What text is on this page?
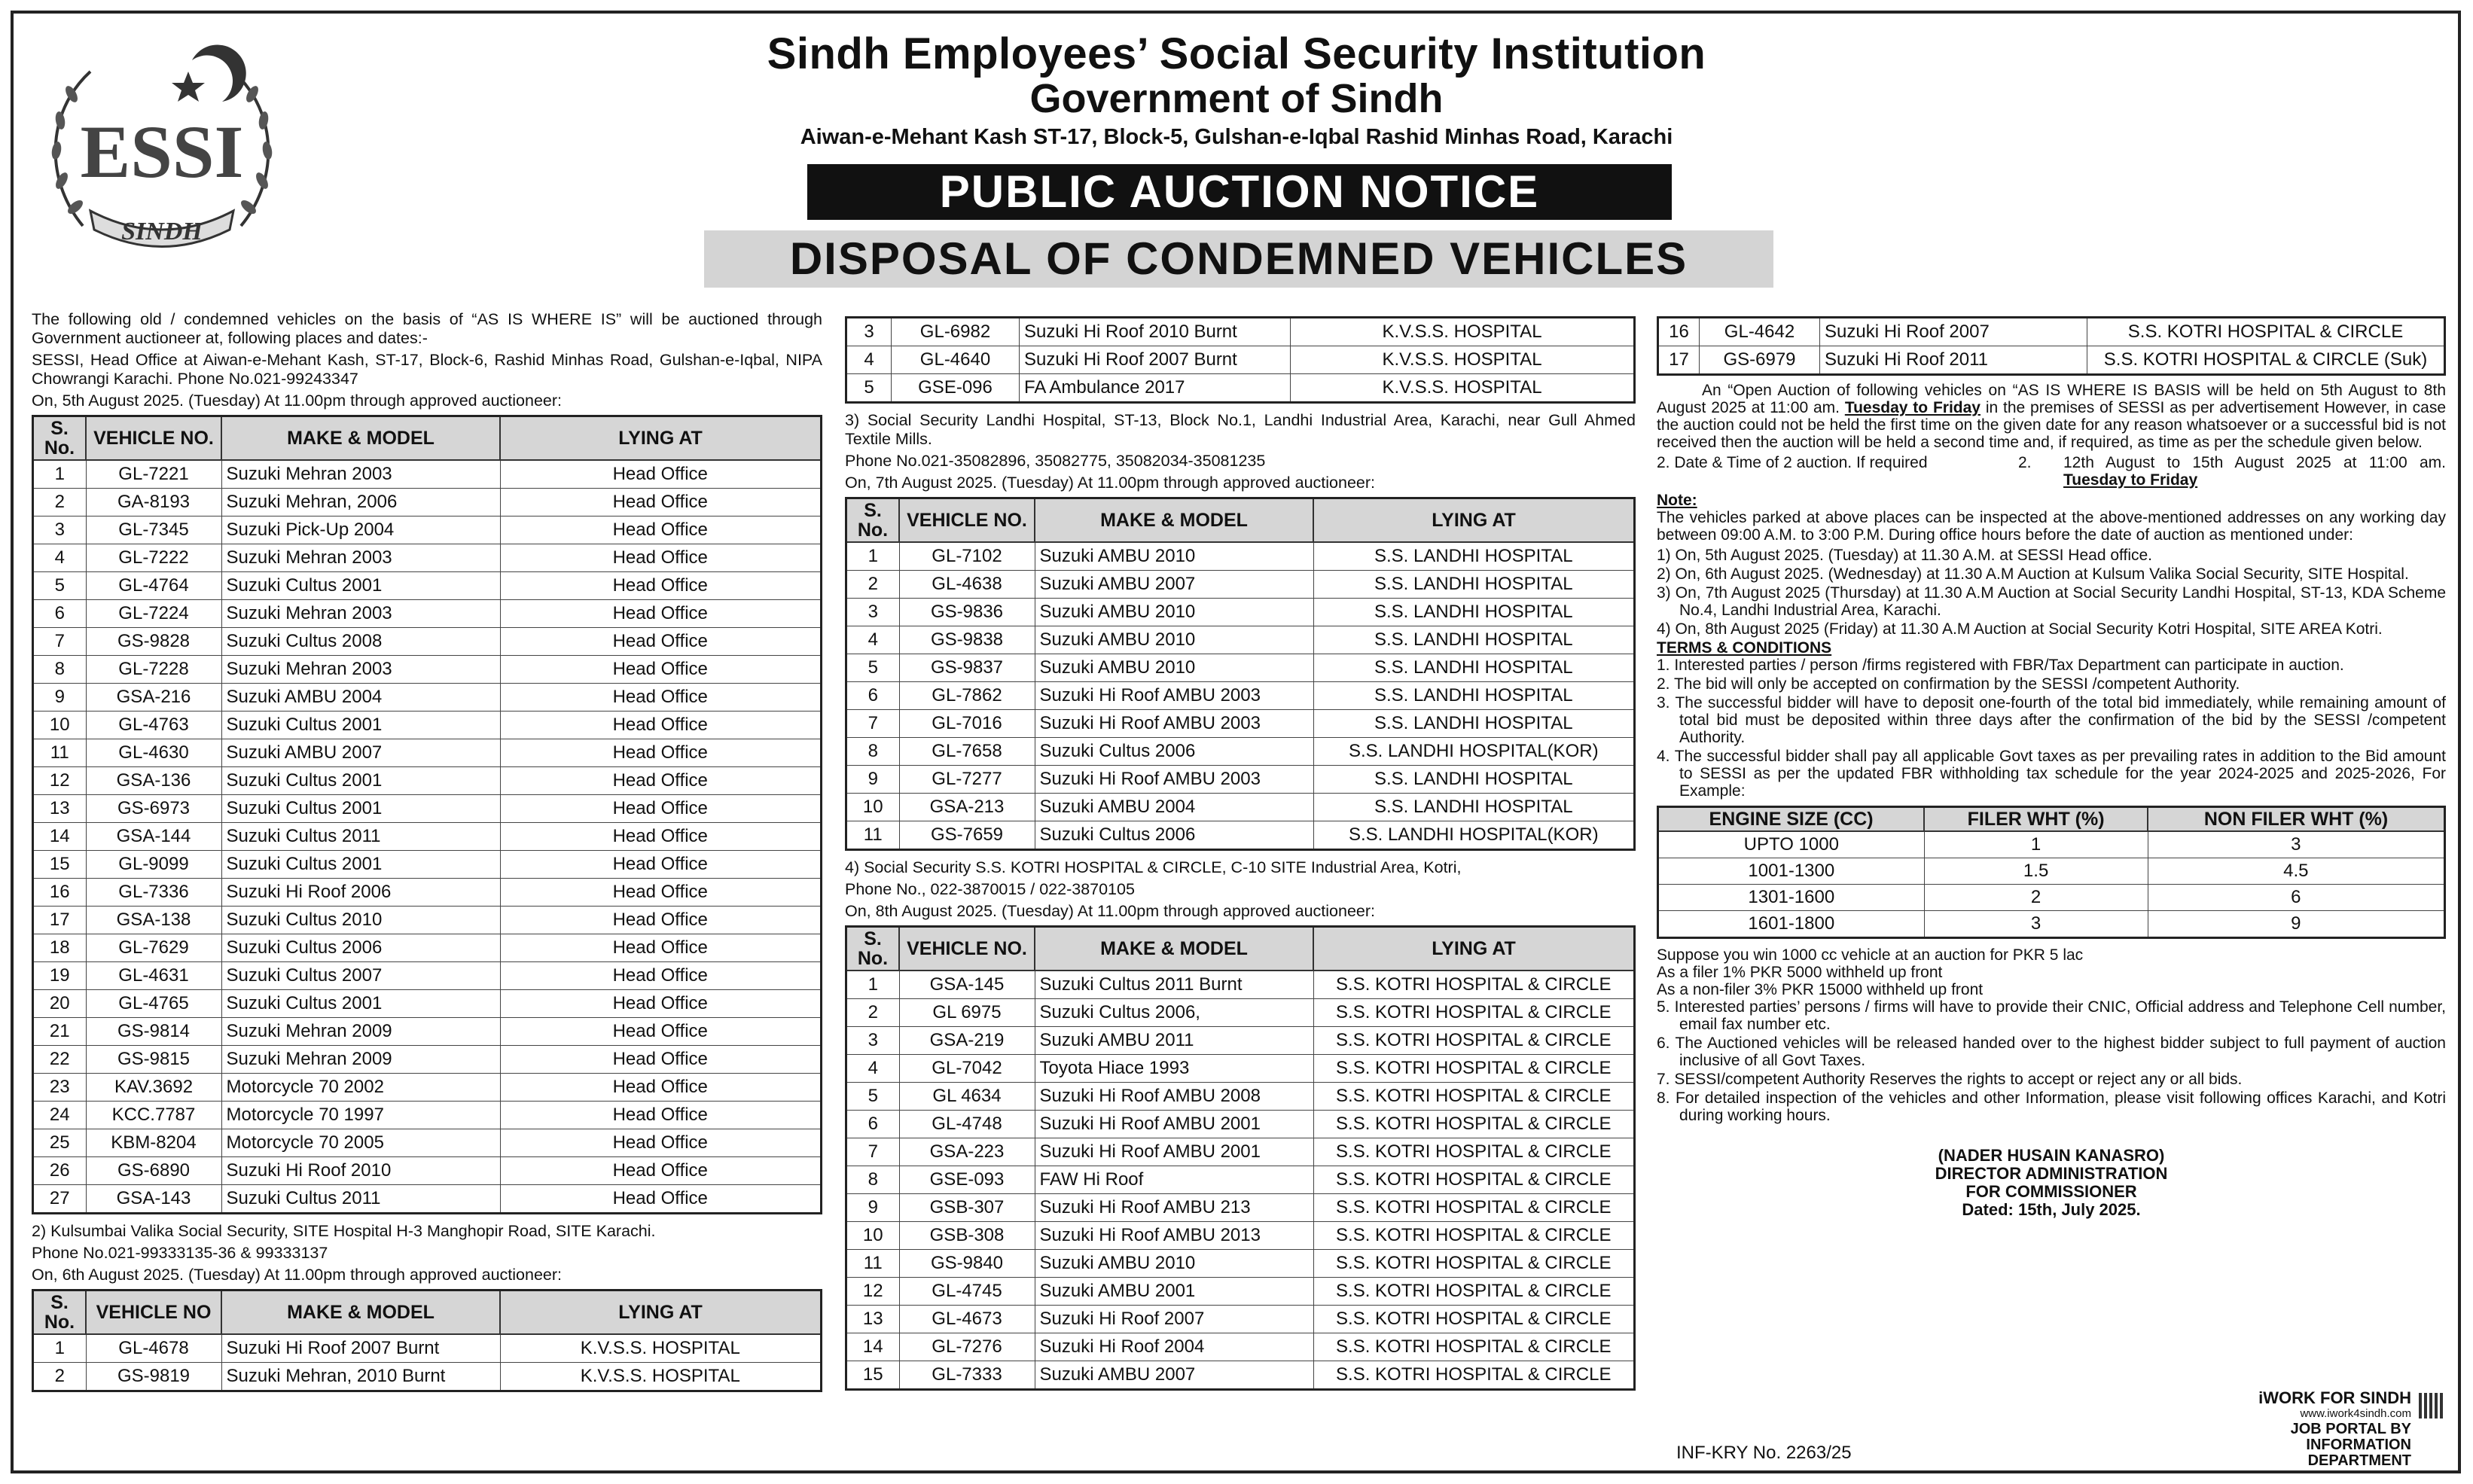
ESSI
SINDH
Sindh Employees’ Social Security Institution
Government of Sindh
Aiwan-e-Mehant Kash ST-17, Block-5, Gulshan-e-Iqbal Rashid Minhas Road, Karachi
PUBLIC AUCTION NOTICE
DISPOSAL OF CONDEMNED VEHICLES

The following old / condemned vehicles on the basis of “AS IS WHERE IS” will be auctioned through Government auctioneer at, following places and dates:-

SESSI, Head Office at Aiwan-e-Mehant Kash, ST-17, Block-6, Rashid Minhas Road, Gulshan-e-Iqbal, NIPA Chowrangi Karachi. Phone No.021-99243347

On, 5th August 2025. (Tuesday) At 11.00pm through approved auctioneer:

S. No.	VEHICLE NO.	MAKE & MODEL	LYING AT
1	GL-7221	Suzuki Mehran 2003	Head Office
2	GA-8193	Suzuki Mehran, 2006	Head Office
3	GL-7345	Suzuki Pick-Up 2004	Head Office
4	GL-7222	Suzuki Mehran 2003	Head Office
5	GL-4764	Suzuki Cultus 2001	Head Office
6	GL-7224	Suzuki Mehran 2003	Head Office
7	GS-9828	Suzuki Cultus 2008	Head Office
8	GL-7228	Suzuki Mehran 2003	Head Office
9	GSA-216	Suzuki AMBU 2004	Head Office
10	GL-4763	Suzuki Cultus 2001	Head Office
11	GL-4630	Suzuki AMBU 2007	Head Office
12	GSA-136	Suzuki Cultus 2001	Head Office
13	GS-6973	Suzuki Cultus 2001	Head Office
14	GSA-144	Suzuki Cultus 2011	Head Office
15	GL-9099	Suzuki Cultus 2001	Head Office
16	GL-7336	Suzuki Hi Roof 2006	Head Office
17	GSA-138	Suzuki Cultus 2010	Head Office
18	GL-7629	Suzuki Cultus 2006	Head Office
19	GL-4631	Suzuki Cultus 2007	Head Office
20	GL-4765	Suzuki Cultus 2001	Head Office
21	GS-9814	Suzuki Mehran 2009	Head Office
22	GS-9815	Suzuki Mehran 2009	Head Office
23	KAV.3692	Motorcycle 70 2002	Head Office
24	KCC.7787	Motorcycle 70 1997	Head Office
25	KBM-8204	Motorcycle 70 2005	Head Office
26	GS-6890	Suzuki Hi Roof 2010	Head Office
27	GSA-143	Suzuki Cultus 2011	Head Office

2) Kulsumbai Valika Social Security, SITE Hospital H-3 Manghopir Road, SITE Karachi.

Phone No.021-99333135-36 & 99333137

On, 6th August 2025. (Tuesday) At 11.00pm through approved auctioneer:

S. No.	VEHICLE NO	MAKE & MODEL	LYING AT
1	GL-4678	Suzuki Hi Roof 2007 Burnt	K.V.S.S. HOSPITAL
2	GS-9819	Suzuki Mehran, 2010 Burnt	K.V.S.S. HOSPITAL
3	GL-6982	Suzuki Hi Roof 2010 Burnt	K.V.S.S. HOSPITAL
4	GL-4640	Suzuki Hi Roof 2007 Burnt	K.V.S.S. HOSPITAL
5	GSE-096	FA Ambulance 2017	K.V.S.S. HOSPITAL

3) Social Security Landhi Hospital, ST-13, Block No.1, Landhi Industrial Area, Karachi, near Gull Ahmed Textile Mills.

Phone No.021-35082896, 35082775, 35082034-35081235

On, 7th August 2025. (Tuesday) At 11.00pm through approved auctioneer:

S. No.	VEHICLE NO.	MAKE & MODEL	LYING AT
1	GL-7102	Suzuki AMBU 2010	S.S. LANDHI HOSPITAL
2	GL-4638	Suzuki AMBU 2007	S.S. LANDHI HOSPITAL
3	GS-9836	Suzuki AMBU 2010	S.S. LANDHI HOSPITAL
4	GS-9838	Suzuki AMBU 2010	S.S. LANDHI HOSPITAL
5	GS-9837	Suzuki AMBU 2010	S.S. LANDHI HOSPITAL
6	GL-7862	Suzuki Hi Roof AMBU 2003	S.S. LANDHI HOSPITAL
7	GL-7016	Suzuki Hi Roof AMBU 2003	S.S. LANDHI HOSPITAL
8	GL-7658	Suzuki Cultus 2006	S.S. LANDHI HOSPITAL(KOR)
9	GL-7277	Suzuki Hi Roof AMBU 2003	S.S. LANDHI HOSPITAL
10	GSA-213	Suzuki AMBU 2004	S.S. LANDHI HOSPITAL
11	GS-7659	Suzuki Cultus 2006	S.S. LANDHI HOSPITAL(KOR)

4) Social Security S.S. KOTRI HOSPITAL & CIRCLE, C-10 SITE Industrial Area, Kotri,

Phone No., 022-3870015 / 022-3870105

On, 8th August 2025. (Tuesday) At 11.00pm through approved auctioneer:

S. No.	VEHICLE NO.	MAKE & MODEL	LYING AT
1	GSA-145	Suzuki Cultus 2011 Burnt	S.S. KOTRI HOSPITAL & CIRCLE
2	GL 6975	Suzuki Cultus 2006,	S.S. KOTRI HOSPITAL & CIRCLE
3	GSA-219	Suzuki AMBU 2011	S.S. KOTRI HOSPITAL & CIRCLE
4	GL-7042	Toyota Hiace 1993	S.S. KOTRI HOSPITAL & CIRCLE
5	GL 4634	Suzuki Hi Roof AMBU 2008	S.S. KOTRI HOSPITAL & CIRCLE
6	GL-4748	Suzuki Hi Roof AMBU 2001	S.S. KOTRI HOSPITAL & CIRCLE
7	GSA-223	Suzuki Hi Roof AMBU 2001	S.S. KOTRI HOSPITAL & CIRCLE
8	GSE-093	FAW Hi Roof	S.S. KOTRI HOSPITAL & CIRCLE
9	GSB-307	Suzuki Hi Roof AMBU 213	S.S. KOTRI HOSPITAL & CIRCLE
10	GSB-308	Suzuki Hi Roof AMBU 2013	S.S. KOTRI HOSPITAL & CIRCLE
11	GS-9840	Suzuki AMBU 2010	S.S. KOTRI HOSPITAL & CIRCLE
12	GL-4745	Suzuki AMBU 2001	S.S. KOTRI HOSPITAL & CIRCLE
13	GL-4673	Suzuki Hi Roof 2007	S.S. KOTRI HOSPITAL & CIRCLE
14	GL-7276	Suzuki Hi Roof 2004	S.S. KOTRI HOSPITAL & CIRCLE
15	GL-7333	Suzuki AMBU 2007	S.S. KOTRI HOSPITAL & CIRCLE
16	GL-4642	Suzuki Hi Roof 2007	S.S. KOTRI HOSPITAL & CIRCLE
17	GS-6979	Suzuki Hi Roof 2011	S.S. KOTRI HOSPITAL & CIRCLE (Suk)

An “Open Auction of following vehicles on “AS IS WHERE IS BASIS will be held on 5th August to 8th August 2025 at 11:00 am. Tuesday to Friday in the premises of SESSI as per advertisement However, in case the auction could not be held the first time on the given date for any reason whatsoever or a successful bid is not received then the auction will be held a second time and, if required, as time as per the schedule given below.

2. Date & Time of 2 auction. If required	2.	12th August to 15th August 2025 at 11:00 am. Tuesday to Friday
Note:

The vehicles parked at above places can be inspected at the above-mentioned addresses on any working day between 09:00 A.M. to 3:00 P.M. During office hours before the date of auction as mentioned under:

1) On, 5th August 2025. (Tuesday) at 11.30 A.M. at SESSI Head office.
2) On, 6th August 2025. (Wednesday) at 11.30 A.M Auction at Kulsum Valika Social Security, SITE Hospital.
3) On, 7th August 2025 (Thursday) at 11.30 A.M Auction at Social Security Landhi Hospital, ST-13, KDA Scheme No.4, Landhi Industrial Area, Karachi.
4) On, 8th August 2025 (Friday) at 11.30 A.M Auction at Social Security Kotri Hospital, SITE AREA Kotri.
TERMS & CONDITIONS
1. Interested parties / person /firms registered with FBR/Tax Department can participate in auction.
2. The bid will only be accepted on confirmation by the SESSI /competent Authority.
3. The successful bidder will have to deposit one-fourth of the total bid immediately, while remaining amount of total bid must be deposited within three days after the confirmation of the bid by the SESSI /competent Authority.
4. The successful bidder shall pay all applicable Govt taxes as per prevailing rates in addition to the Bid amount to SESSI as per the updated FBR withholding tax schedule for the year 2024-2025 and 2025-2026, For Example:
ENGINE SIZE (CC)	FILER WHT (%)	NON FILER WHT (%)
UPTO 1000	1	3
1001-1300	1.5	4.5
1301-1600	2	6
1601-1800	3	9
Suppose you win 1000 cc vehicle at an auction for PKR 5 lac
As a filer 1% PKR 5000 withheld up front
As a non-filer 3% PKR 15000 withheld up front
5. Interested parties’ persons / firms will have to provide their CNIC, Official address and Telephone Cell number, email fax number etc.
6. The Auctioned vehicles will be released handed over to the highest bidder subject to full payment of auction inclusive of all Govt Taxes.
7. SESSI/competent Authority Reserves the rights to accept or reject any or all bids.
8. For detailed inspection of the vehicles and other Information, please visit following offices Karachi, and Kotri during working hours.
(NADER HUSAIN KANASRO)
DIRECTOR ADMINISTRATION
FOR COMMISSIONER
Dated: 15th, July 2025.
INF-KRY No. 2263/25
iWORK FOR SINDH
www.iwork4sindh.com
JOB PORTAL BY
INFORMATION DEPARTMENT
